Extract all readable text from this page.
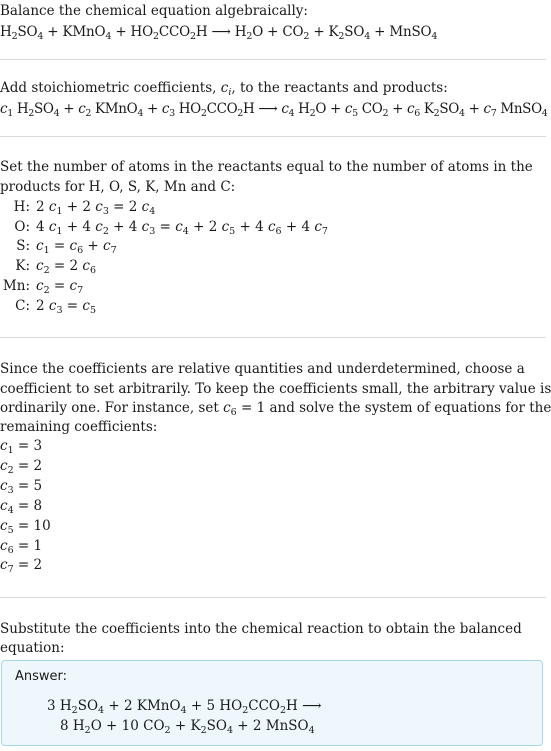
Balance the chemical equation algebraically:
$H_2SO_4$ + KMnO$_4$ + $HO_2CCO_2H$ ⟶ $H_2O + CO_2 + K_2SO_4$ + MnSO$_4$
Add stoichiometric coefficients, $c_i$, to the reactants and products:
$c_1$ $H_2SO_4 + c_2$ KMnO$_4$ + $c_3$ $HO_2CCO_2H$ ⟶ $c_4$ $H_2O + c_5$ $CO_2 + c_6$ $K_2SO_4 + c_7$ MnSO$_4$
Set the number of atoms in the reactants equal to the number of atoms in the
products for H, O, S, K, Mn and C:
H: 2 $c_1 + 2$ $c_3 = 2$ $c_4$
O: 4 $c_1 + 4$ $c_2 + 4$ $c_3 = c_4 + 2$ $c_5 + 4$ $c_6 + 4$ $c_7$
S: $c_1 = c_6 + c_7$
K: $c_2 = 2$ $c_6$
Mn: $c_2 = c_7$
C: 2 $c_3 = c_5$
Since the coefficients are relative quantities and underdetermined, choose a
coefficient to set arbitrarily. To keep the coefficients small, the arbitrary value is
ordinarily one. For instance, set $c_6 = 1$ and solve the system of equations for the
remaining coefficients:
$c_1 = 3$
$c_2 = 2$
$c_3 = 5$
$c_4 = 8$
$c_5 = 10$
$c_6 = 1$
$c_7 = 2$
Substitute the coefficients into the chemical reaction to obtain the balanced
equation:
Answer:
3 $H_2SO_4 + 2$ KMnO$_4$ + 5 $HO_2CCO_2H$ ⟶
8 $H_2O + 10$ $CO_2 + K_2SO_4 + 2$ MnSO$_4$
